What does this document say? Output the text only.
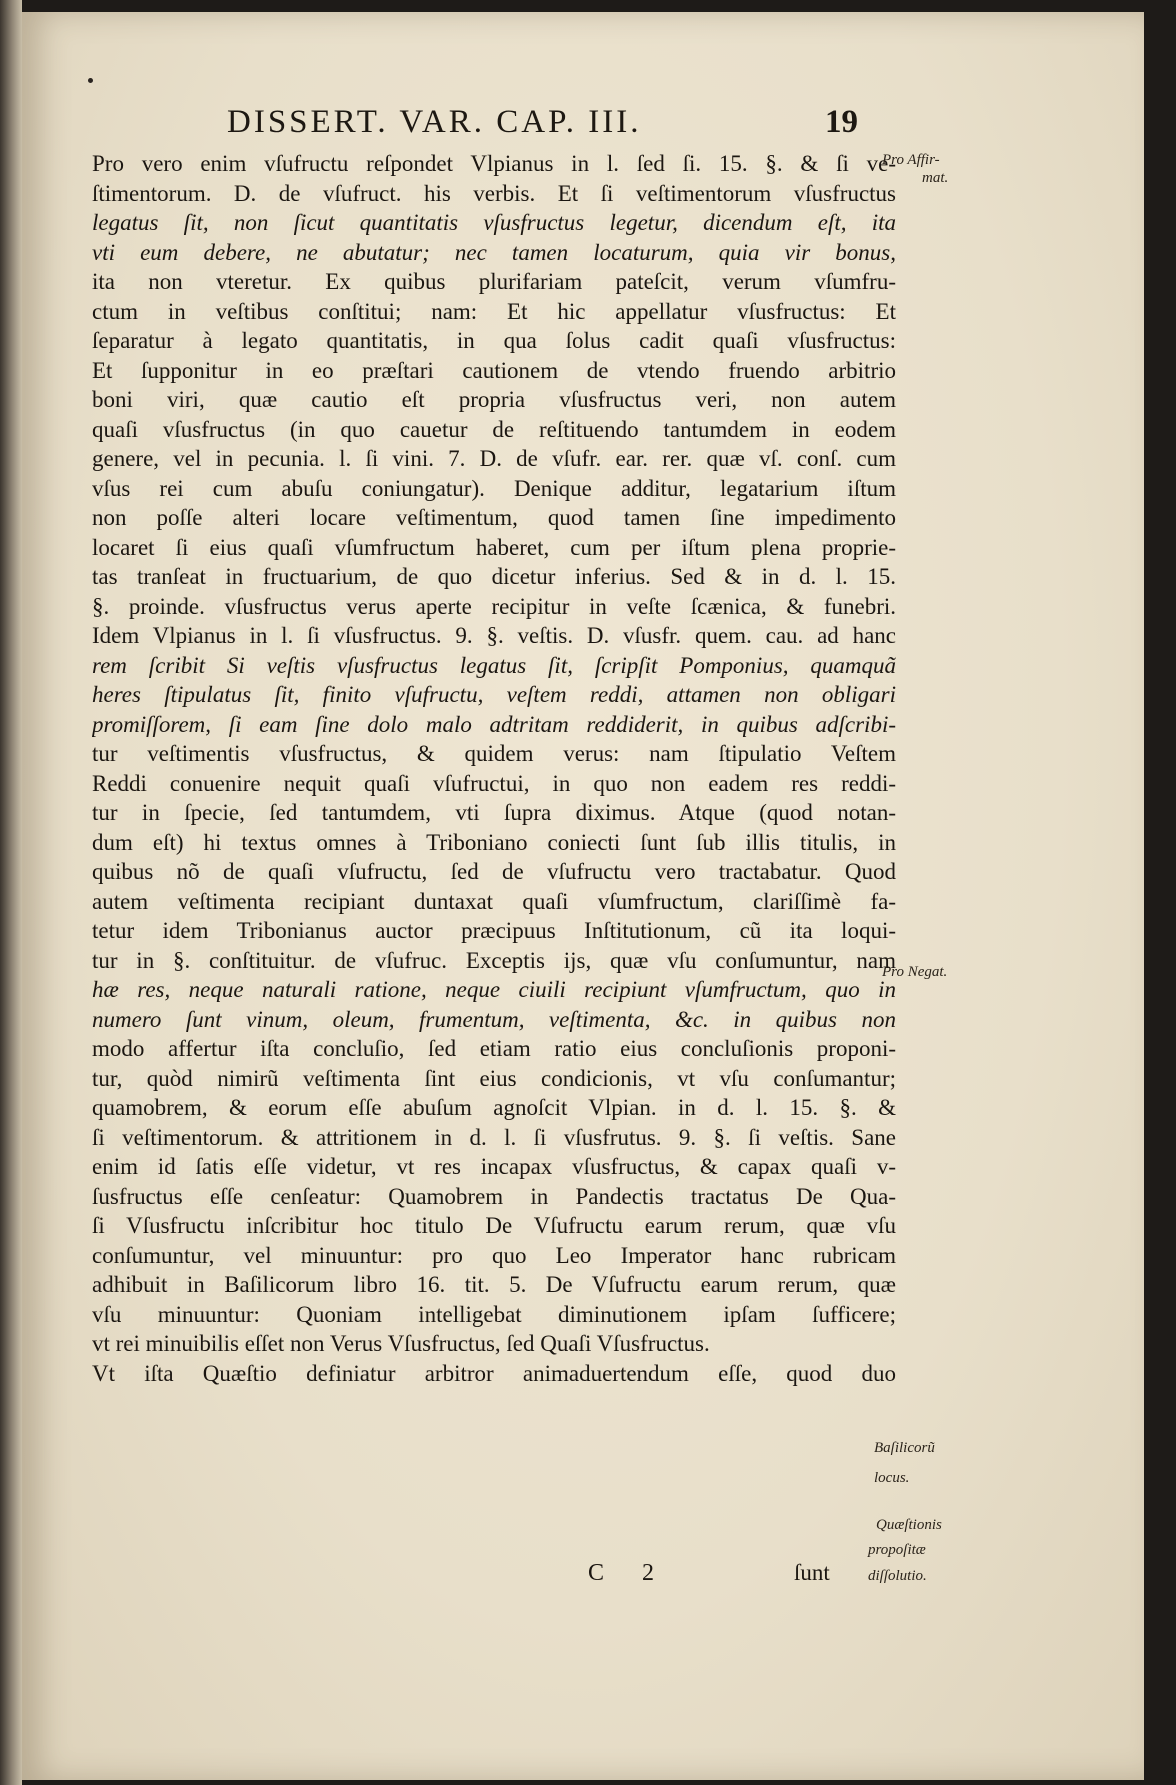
DISSERT. VAR. CAP. III.	19
Pro vero enim vſufructu reſpondet Vlpianus in l. ſed ſi. 15. §. & ſi ve-
ſtimentorum. D. de vſufruct. his verbis. Et ſi veſtimentorum vſusfructus
legatus ſit, non ſicut quantitatis vſusfructus legetur, dicendum eſt, ita
vti eum debere, ne abutatur; nec tamen locaturum, quia vir bonus,
ita non vteretur. Ex quibus plurifariam pateſcit, verum vſumfru-
ctum in veſtibus conſtitui; nam: Et hic appellatur vſusfructus: Et
ſeparatur à legato quantitatis, in qua ſolus cadit quaſi vſusfructus:
Et ſupponitur in eo præſtari cautionem de vtendo fruendo arbitrio
boni viri, quæ cautio eſt propria vſusfructus veri, non autem
quaſi vſusfructus (in quo cauetur de reſtituendo tantumdem in eodem
genere, vel in pecunia. l. ſi vini. 7. D. de vſufr. ear. rer. quæ vſ. conſ. cum
vſus rei cum abuſu coniungatur). Denique additur, legatarium iſtum
non poſſe alteri locare veſtimentum, quod tamen ſine impedimento
locaret ſi eius quaſi vſumfructum haberet, cum per iſtum plena proprie-
tas tranſeat in fructuarium, de quo dicetur inferius. Sed & in d. l. 15.
§. proinde. vſusfructus verus aperte recipitur in veſte ſcænica, & funebri.
Idem Vlpianus in l. ſi vſusfructus. 9. §. veſtis. D. vſusfr. quem. cau. ad hanc
rem ſcribit Si veſtis vſusfructus legatus ſit, ſcripſit Pomponius, quamquã
heres ſtipulatus ſit, finito vſufructu, veſtem reddi, attamen non obligari
promiſſorem, ſi eam ſine dolo malo adtritam reddiderit, in quibus adſcribi-
tur veſtimentis vſusfructus, & quidem verus: nam ſtipulatio Veſtem
Reddi conuenire nequit quaſi vſufructui, in quo non eadem res reddi-
tur in ſpecie, ſed tantumdem, vti ſupra diximus. Atque (quod notan-
dum eſt) hi textus omnes à Triboniano coniecti ſunt ſub illis titulis, in
quibus nõ de quaſi vſufructu, ſed de vſufructu vero tractabatur. Quod
autem veſtimenta recipiant duntaxat quaſi vſumfructum, clariſſimè fa-
tetur idem Tribonianus auctor præcipuus Inſtitutionum, cũ ita loqui-
tur in §. conſtituitur. de vſufruc. Exceptis ijs, quæ vſu conſumuntur, nam
hæ res, neque naturali ratione, neque ciuili recipiunt vſumfructum, quo in
numero ſunt vinum, oleum, frumentum, veſtimenta, &c. in quibus non
modo affertur iſta concluſio, ſed etiam ratio eius concluſionis proponi-
tur, quòd nimirũ veſtimenta ſint eius condicionis, vt vſu conſumantur;
quamobrem, & eorum eſſe abuſum agnoſcit Vlpian. in d. l. 15. §. &
ſi veſtimentorum. & attritionem in d. l. ſi vſusfrutus. 9. §. ſi veſtis. Sane
enim id ſatis eſſe videtur, vt res incapax vſusfructus, & capax quaſi v-
ſusfructus eſſe cenſeatur: Quamobrem in Pandectis tractatus De Qua-
ſi Vſusfructu inſcribitur hoc titulo De Vſufructu earum rerum, quæ vſu
conſumuntur, vel minuuntur: pro quo Leo Imperator hanc rubricam
adhibuit in Baſilicorum libro 16. tit. 5. De Vſufructu earum rerum, quæ
vſu minuuntur: Quoniam intelligebat diminutionem ipſam ſufficere;
vt rei minuibilis eſſet non Verus Vſusfructus, ſed Quaſi Vſusfructus.
Vt iſta Quæſtio definiatur arbitror animaduertendum eſſe, quod duo
Pro Affir-
mat.
Pro Negat.
Baſilicorũ
locus.
Quæſtionis
propoſitæ
diſſolutio.
C 2	ſunt
